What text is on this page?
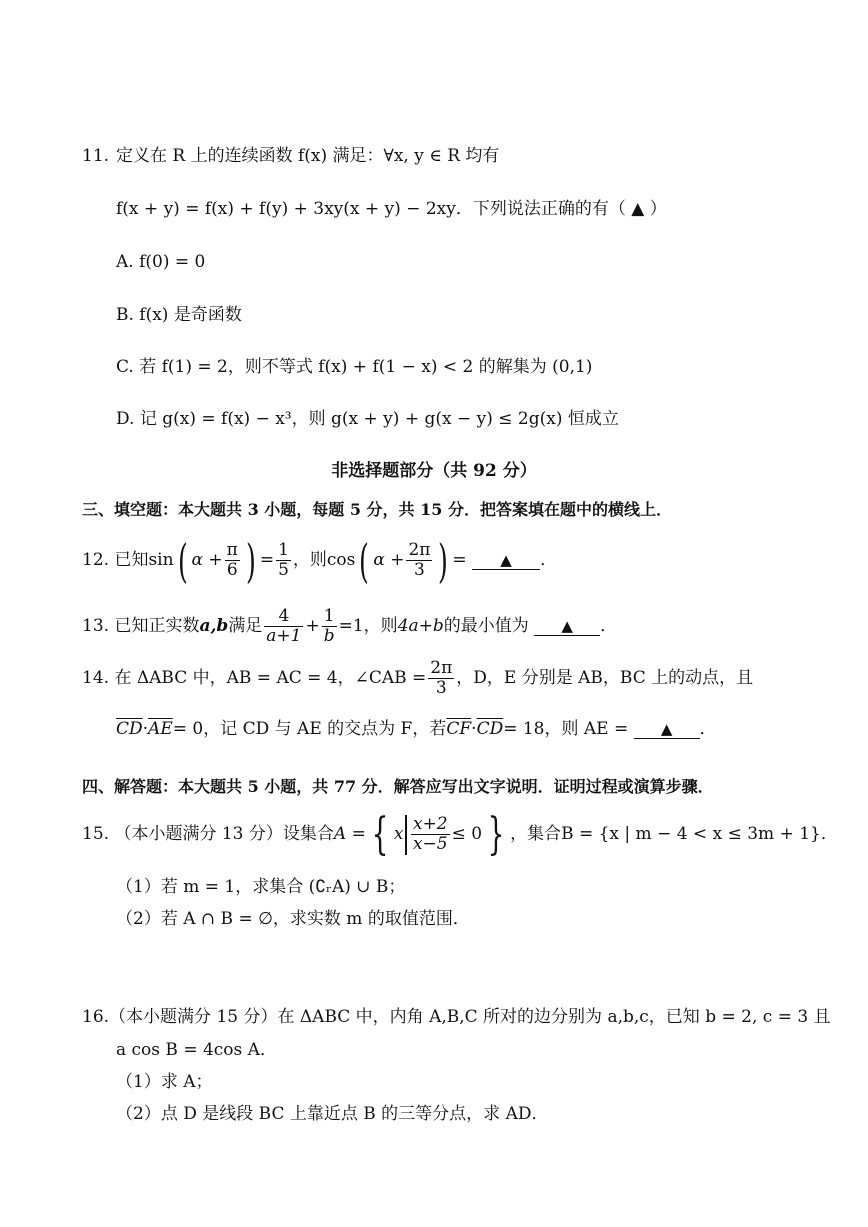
11. 定义在 R 上的连续函数 f(x) 满足：∀x, y ∈ R 均有
f(x + y) = f(x) + f(y) + 3xy(x + y) − 2xy．下列说法正确的有（ ▲ ）
A. f(0) = 0
B. f(x) 是奇函数
C. 若 f(1) = 2，则不等式 f(x) + f(1 − x) < 2 的解集为 (0,1)
D. 记 g(x) = f(x) − x³，则 g(x + y) + g(x − y) ≤ 2g(x) 恒成立
非选择题部分（共 92 分）
三、填空题：本大题共 3 小题，每题 5 分，共 15 分．把答案填在题中的横线上．
12. 已知sin( $\alpha + \frac{\pi}{6}$ ) = $\frac{1}{5}$ ，则cos( $\alpha + \frac{2\pi}{3}$ ) = ▲ ．
13. 已知正实数a,b满足 $\frac{4}{a+1} + \frac{1}{b} =1$，则4a+b的最小值为 ▲ ．
14. 在 ΔABC 中，AB = AC = 4，∠CAB = $\frac{2\pi}{3}$ ，D，E 分别是 AB，BC 上的动点，且
$\overline{CD}\cdot\overline{AE}= 0$，记 CD 与 AE 的交点为 F，若$\overline{CF}\cdot\overline{CD}= 18$，则 AE = ▲ ．
四、解答题：本大题共 5 小题，共 77 分．解答应写出文字说明．证明过程或演算步骤．
15. （本小题满分 13 分）设集合A = { x $\frac{x+2}{x-5} \le 0$ } ，集合B = {x | m − 4 < x ≤ 3m + 1}．
（1）若 m = 1，求集合 (∁ᵣA) ∪ B；
（2）若 A ∩ B = ∅，求实数 m 的取值范围．
16.（本小题满分 15 分）在 ΔABC 中，内角 A,B,C 所对的边分别为 a,b,c，已知 b = 2, c = 3 且
a cos B = 4cos A．
（1）求 A；
（2）点 D 是线段 BC 上靠近点 B 的三等分点，求 AD．
